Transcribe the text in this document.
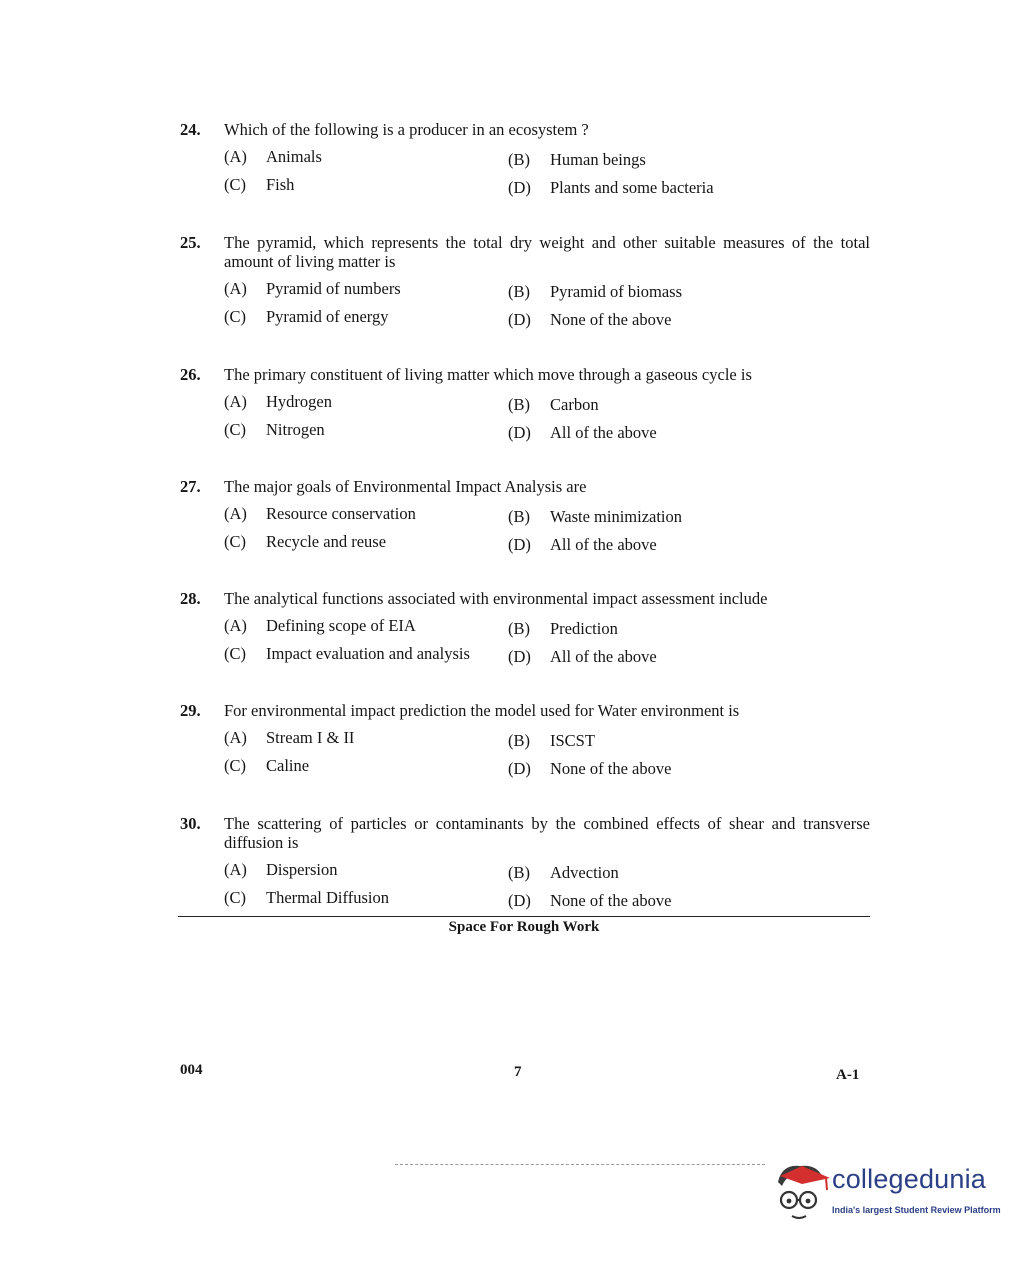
24. Which of the following is a producer in an ecosystem ?
(A) Animals	(B) Human beings
(C) Fish	(D) Plants and some bacteria
25. The pyramid, which represents the total dry weight and other suitable measures of the total amount of living matter is
(A) Pyramid of numbers	(B) Pyramid of biomass
(C) Pyramid of energy	(D) None of the above
26. The primary constituent of living matter which move through a gaseous cycle is
(A) Hydrogen	(B) Carbon
(C) Nitrogen	(D) All of the above
27. The major goals of Environmental Impact Analysis are
(A) Resource conservation	(B) Waste minimization
(C) Recycle and reuse	(D) All of the above
28. The analytical functions associated with environmental impact assessment include
(A) Defining scope of EIA	(B) Prediction
(C) Impact evaluation and analysis (D) All of the above
29. For environmental impact prediction the model used for Water environment is
(A) Stream I & II	(B) ISCST
(C) Caline	(D) None of the above
30. The scattering of particles or contaminants by the combined effects of shear and transverse diffusion is
(A) Dispersion	(B) Advection
(C) Thermal Diffusion	(D) None of the above
Space For Rough Work
004	7	A-1
collegedunia
India's largest Student Review Platform
